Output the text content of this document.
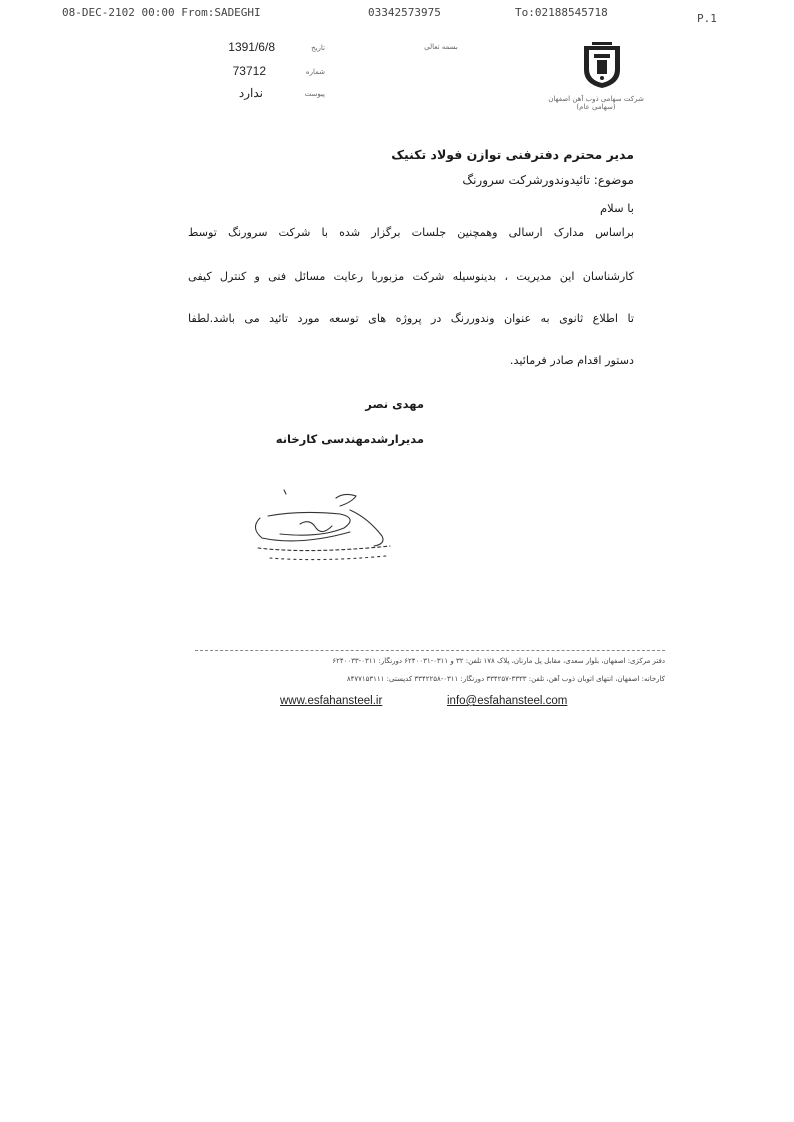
08-DEC-2102 00:00 From:SADEGHI	03342573975	To:02188545718	P.1
شرکت سهامی ذوب آهن اصفهان (سهامی عام)
بسمه تعالی
1391/6/8	تاریخ
73712	شماره
ندارد	پیوست
مدیر محترم دفترفنی توازن فولاد تکنیک
موضوع: تائیدوندورشرکت سرورنگ
با سلام
براساس مدارک ارسالی وهمچنین جلسات برگزار شده با شرکت سرورنگ توسط
کارشناسان این مدیریت ، بدینوسیله شرکت مزبوربا رعایت مسائل فنی و کنترل کیفی
تا اطلاع ثانوی به عنوان وندوررنگ در پروژه های توسعه مورد تائید می باشد.لطفا
دستور اقدام صادر فرمائید.
مهدی نصر
مدیرارشدمهندسی کارخانه
دفتر مرکزی: اصفهان، بلوار سعدی، مقابل پل مارنان، پلاک ۱۷۸ تلفن: ۳۲ و ۰۳۱۱-۶۲۴۰۰۳۱ دورنگار: ۰۳۱۱-۶۲۴۰۰۳۳
کارخانه: اصفهان، انتهای اتوبان ذوب آهن، تلفن: ۳۳۳۳-۳۳۴۲۵۷ دورنگار: ۰۳۱۱-۳۳۴۲۲۵۸ کدپستی: ۸۴۷۷۱۵۳۱۱۱
www.esfahansteel.ir	info@esfahansteel.com
